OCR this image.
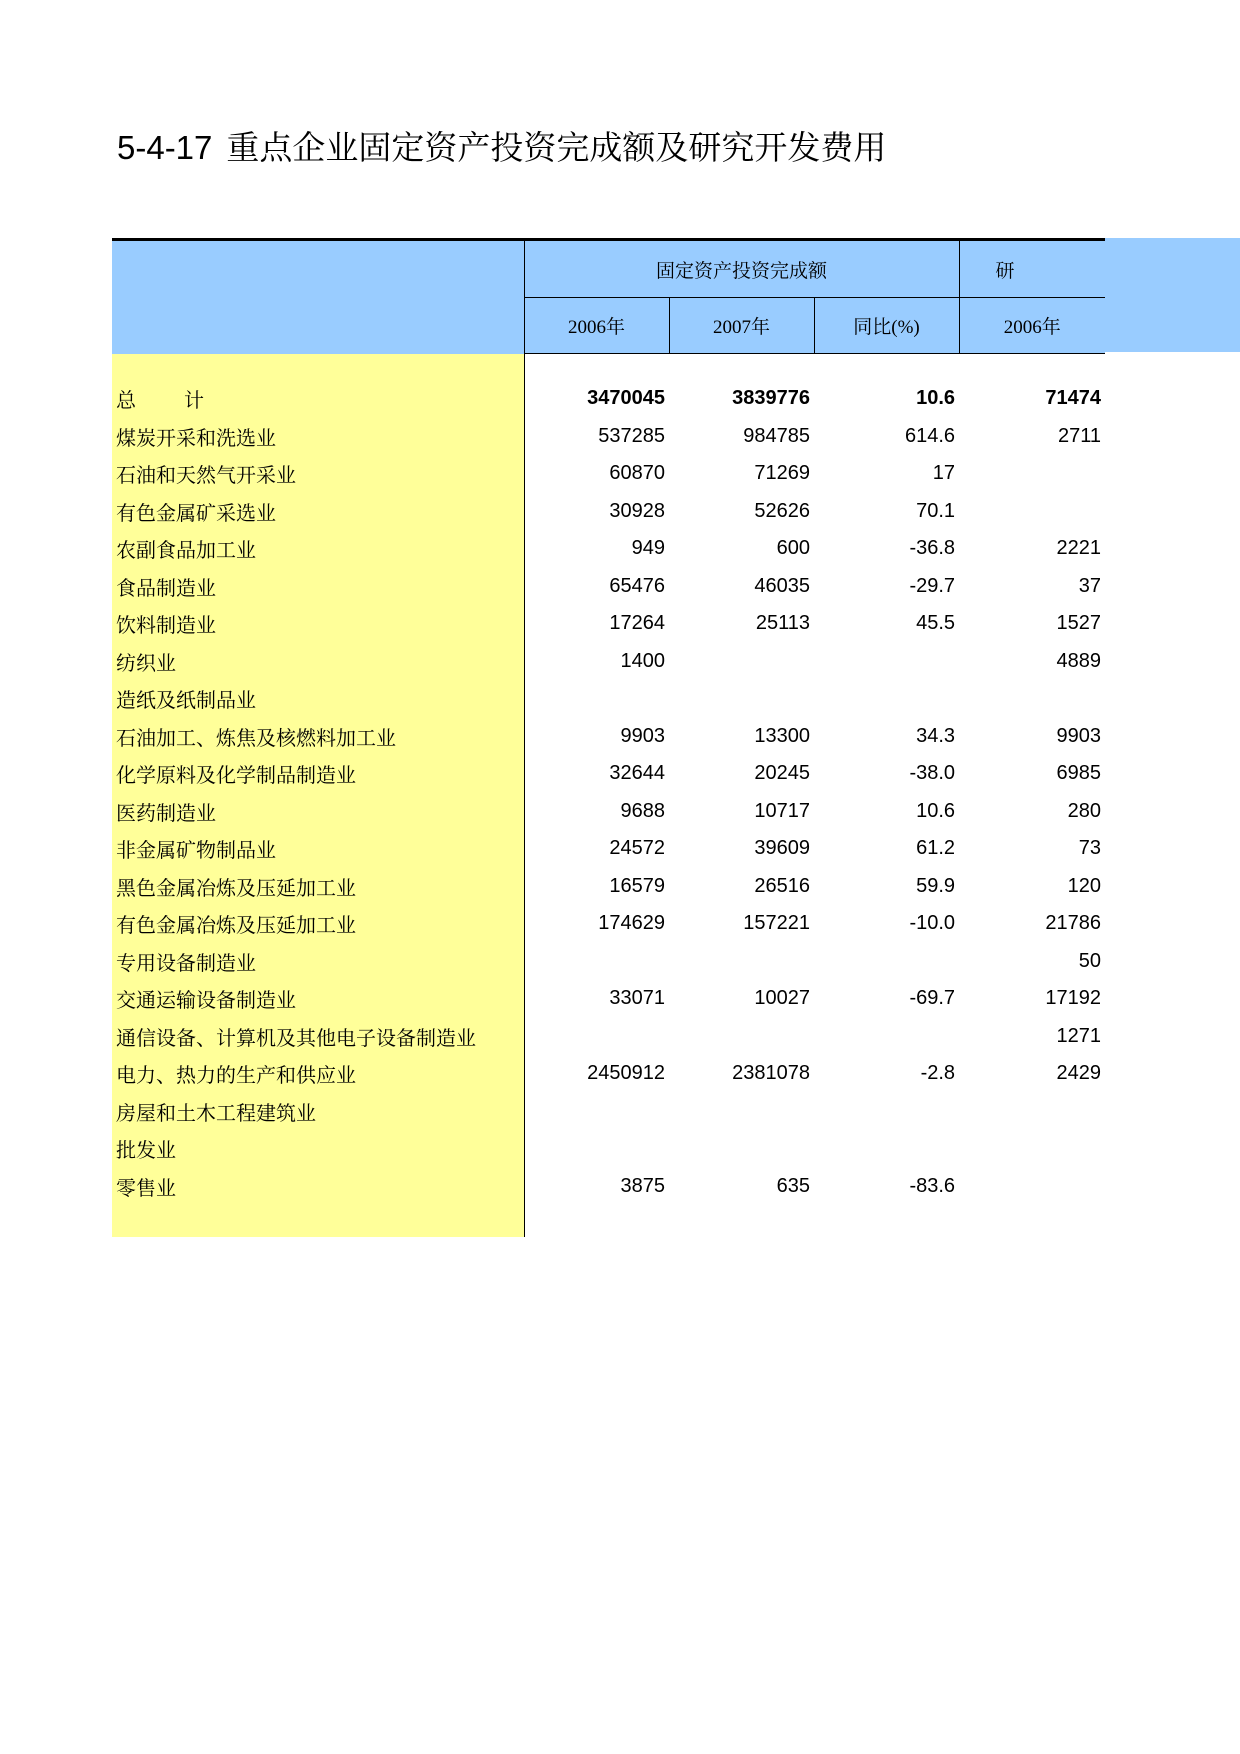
5-4-17 重点企业固定资产投资完成额及研究开发费用
	固定资产投资完成额			研
	2006年	2007年	同比(%)	2006年

总 计	3470045	3839776	10.6	71474
煤炭开采和洗选业	537285	984785	614.6	2711
石油和天然气开采业	60870	71269	17	
有色金属矿采选业	30928	52626	70.1	
农副食品加工业	949	600	-36.8	2221
食品制造业	65476	46035	-29.7	37
饮料制造业	17264	25113	45.5	1527
纺织业	1400			4889
造纸及纸制品业				
石油加工、炼焦及核燃料加工业	9903	13300	34.3	9903
化学原料及化学制品制造业	32644	20245	-38.0	6985
医药制造业	9688	10717	10.6	280
非金属矿物制品业	24572	39609	61.2	73
黑色金属冶炼及压延加工业	16579	26516	59.9	120
有色金属冶炼及压延加工业	174629	157221	-10.0	21786
专用设备制造业				50
交通运输设备制造业	33071	10027	-69.7	17192
通信设备、计算机及其他电子设备制造业				1271
电力、热力的生产和供应业	2450912	2381078	-2.8	2429
房屋和土木工程建筑业				
批发业				
零售业	3875	635	-83.6	
